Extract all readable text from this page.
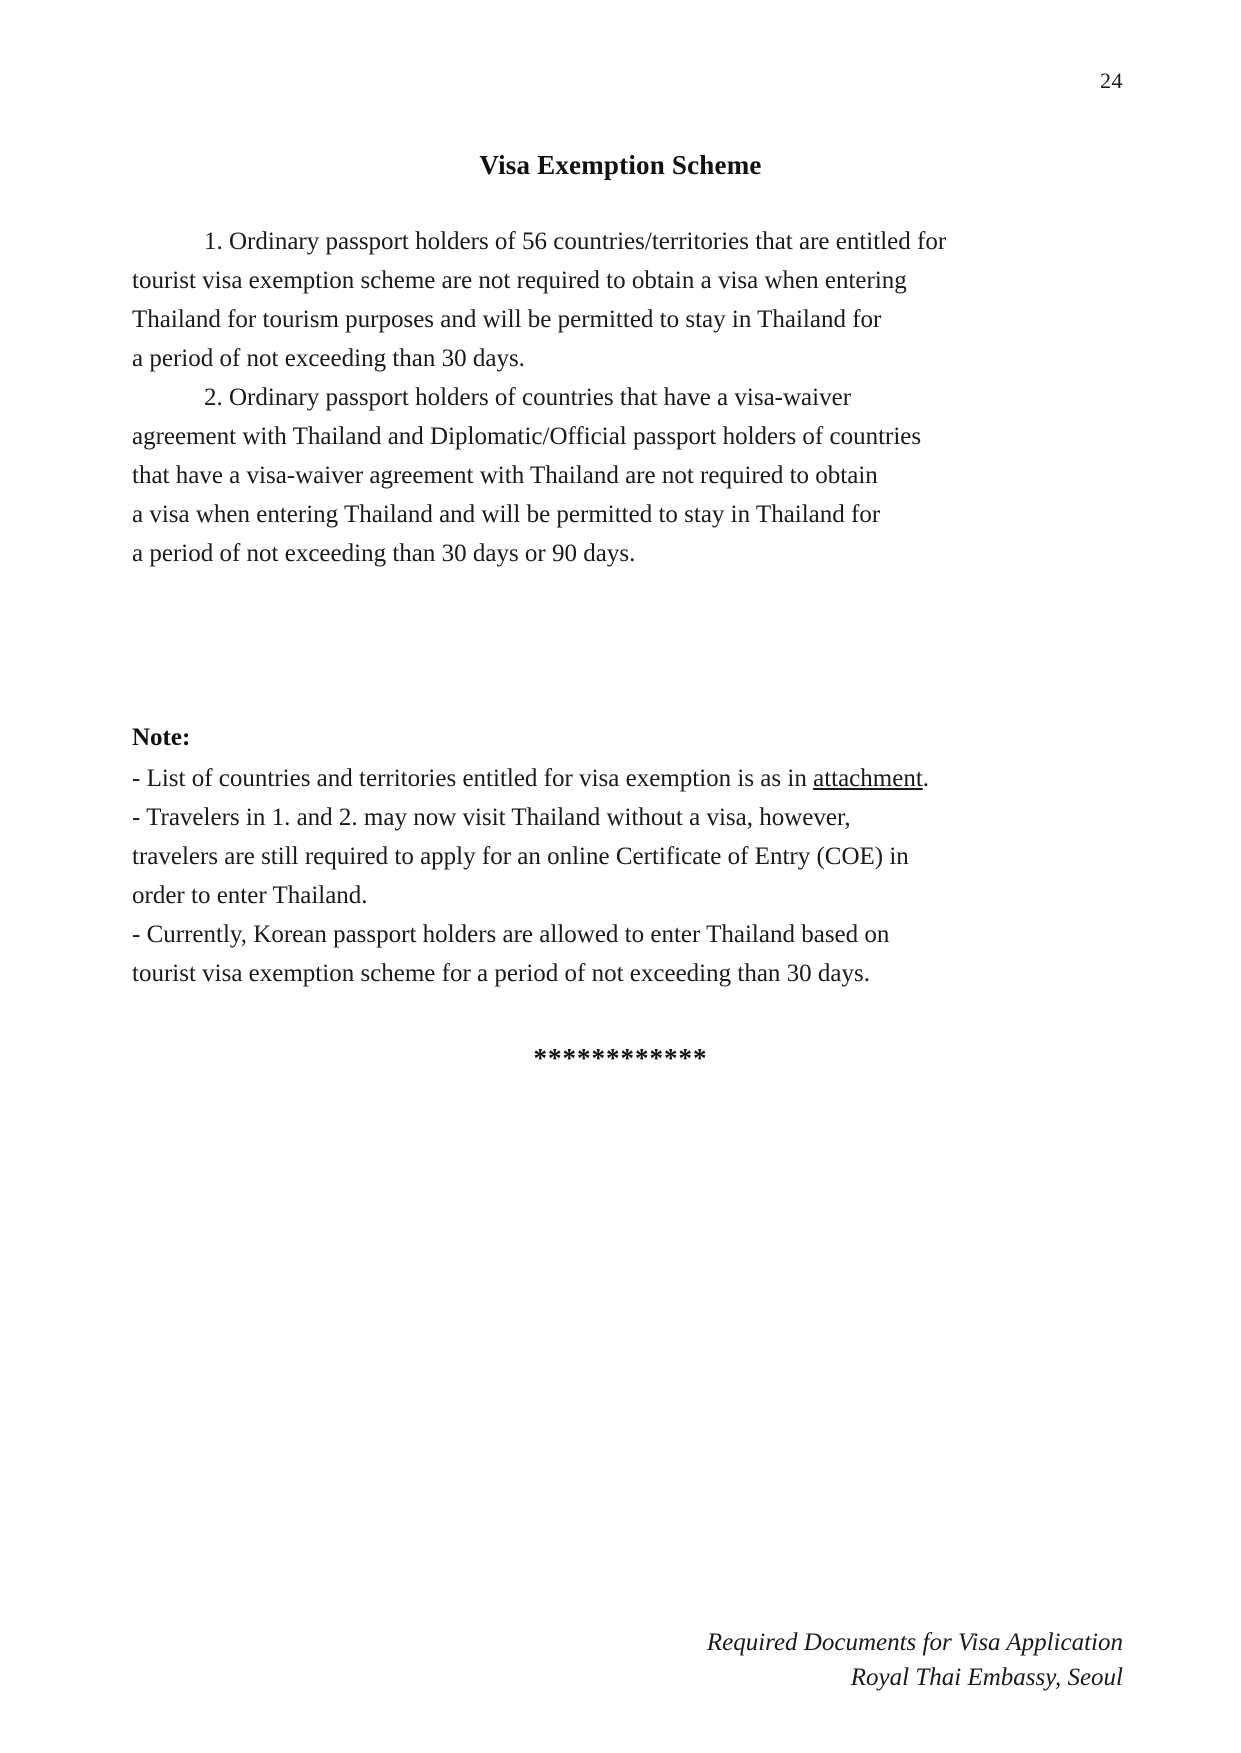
24
Visa Exemption Scheme

1. Ordinary passport holders of 56 countries/territories that are entitled for
tourist visa exemption scheme are not required to obtain a visa when entering
Thailand for tourism purposes and will be permitted to stay in Thailand for
a period of not exceeding than 30 days.

2. Ordinary passport holders of countries that have a visa-waiver
agreement with Thailand and Diplomatic/Official passport holders of countries
that have a visa-waiver agreement with Thailand are not required to obtain
a visa when entering Thailand and will be permitted to stay in Thailand for
a period of not exceeding than 30 days or 90 days.

Note:
- List of countries and territories entitled for visa exemption is as in attachment.
- Travelers in 1. and 2. may now visit Thailand without a visa, however,
travelers are still required to apply for an online Certificate of Entry (COE) in
order to enter Thailand.
- Currently, Korean passport holders are allowed to enter Thailand based on
tourist visa exemption scheme for a period of not exceeding than 30 days.
************
Required Documents for Visa Application
Royal Thai Embassy, Seoul
